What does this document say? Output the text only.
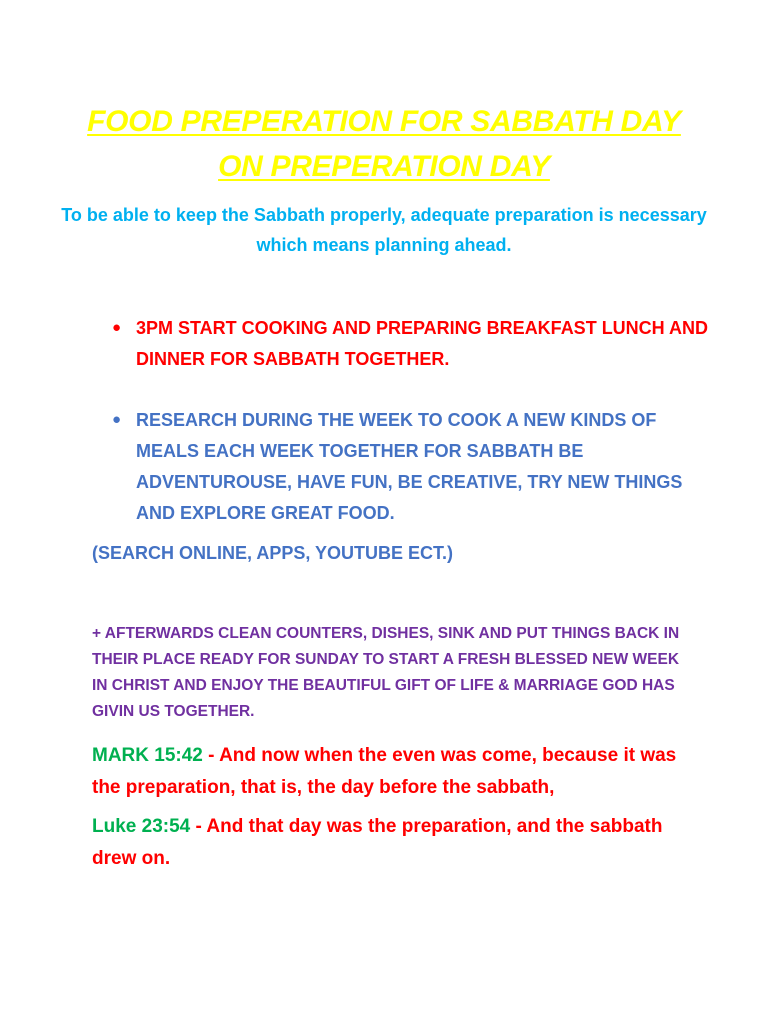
FOOD PREPERATION FOR SABBATH DAY
ON PREPERATION DAY
To be able to keep the Sabbath properly, adequate preparation is necessary which means planning ahead.
● 3PM START COOKING AND PREPARING BREAKFAST LUNCH AND DINNER FOR SABBATH TOGETHER.
● RESEARCH DURING THE WEEK TO COOK A NEW KINDS OF MEALS EACH WEEK TOGETHER FOR SABBATH BE ADVENTUROUSE, HAVE FUN, BE CREATIVE, TRY NEW THINGS AND EXPLORE GREAT FOOD.
(SEARCH ONLINE, APPS, YOUTUBE ECT.)
+ AFTERWARDS CLEAN COUNTERS, DISHES, SINK AND PUT THINGS BACK IN THEIR PLACE READY FOR SUNDAY TO START A FRESH BLESSED NEW WEEK IN CHRIST AND ENJOY THE BEAUTIFUL GIFT OF LIFE & MARRIAGE GOD HAS GIVIN US TOGETHER.
MARK 15:42 - And now when the even was come, because it was the preparation, that is, the day before the sabbath,
Luke 23:54 - And that day was the preparation, and the sabbath drew on.
